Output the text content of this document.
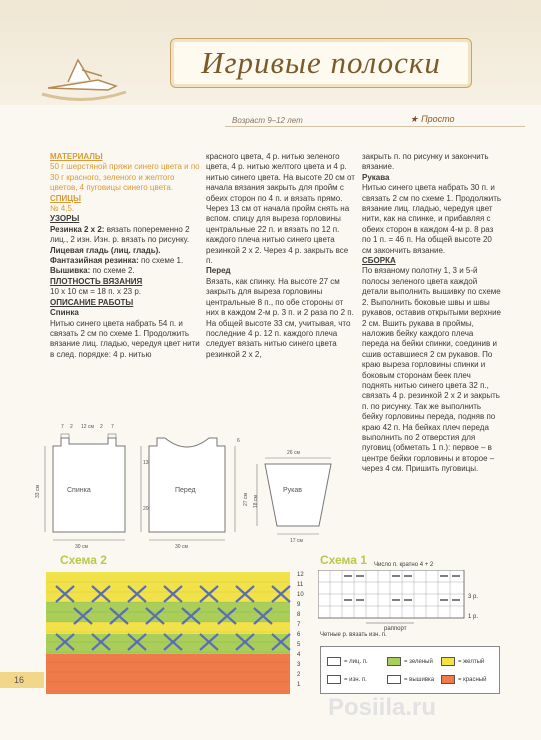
Игривые полоски
Возраст 9–12 лет	★ Просто

МАТЕРИАЛЫ

50 г шерстяной пряжи синего цвета и по 30 г красного, зеленого и желтого цветов, 4 пуговицы синего цвета.

СПИЦЫ

№ 4,5.

УЗОРЫ

Резинка 2 х 2: вязать попеременно 2 лиц., 2 изн. Изн. р. вязать по рисунку.

Лицевая гладь (лиц. гладь).

Фантазийная резинка: по схеме 1.

Вышивка: по схеме 2.

ПЛОТНОСТЬ ВЯЗАНИЯ

10 х 10 см = 18 п. х 23 р.

ОПИСАНИЕ РАБОТЫ

Спинка

Нитью синего цвета набрать 54 п. и связать 2 см по схеме 1. Продолжить вязание лиц. гладью, чередуя цвет нити в след. порядке: 4 р. нитью

красного цвета, 4 р. нитью зеленого цвета, 4 р. нитью желтого цвета и 4 р. нитью синего цвета. На высоте 20 см от начала вязания закрыть для пройм с обеих сторон по 4 п. и вязать прямо. Через 13 см от начала пройм снять на вспом. спицу для выреза горловины центральные 22 п. и вязать по 12 п. каждого плеча нитью синего цвета резинкой 2 х 2. Через 4 р. закрыть все п.

Перед

Вязать, как спинку. На высоте 27 см закрыть для выреза горловины центральные 8 п., по обе стороны от них в каждом 2-м р. 3 п. и 2 раза по 2 п. На общей высоте 33 см, учитывая, что последние 4 р. 12 п. каждого плеча следует вязать нитью синего цвета резинкой 2 х 2,

закрыть п. по рисунку и закончить вязание.

Рукава

Нитью синего цвета набрать 30 п. и связать 2 см по схеме 1. Продолжить вязание лиц. гладью, чередуя цвет нити, как на спинке, и прибавляя с обеих сторон в каждом 4-м р. 8 раз по 1 п. = 46 п. На общей высоте 20 см закончить вязание.

СБОРКА

По вязаному полотну 1, 3 и 5-й полосы зеленого цвета каждой детали выполнить вышивку по схеме 2. Выполнить боковые швы и швы рукавов, оставив открытыми верхние 2 см. Вшить рукава в проймы, наложив бейку каждого плеча переда на бейки спинки, соединив и сшив оставшиеся 2 см рукавов. По краю выреза горловины спинки и боковым сторонам беек плеч поднять нитью синего цвета 32 п., связать 4 р. резинкой 2 х 2 и закрыть п. по рисунку. Так же выполнить бейку горловины переда, подняв по краю 42 п. На бейках плеч переда выполнить по 2 отверстия для пуговиц (обметать 1 п.): первое – в центре бейки горловины и второе – через 4 см. Пришить пуговицы.

Спинка	Перед	Рукав
7 2 12 см 2 7
33 см
30 см	30 см
13
20
6
27 см 18 см
26 см
17 см
Схема 2
12
11
10
9
8
7
6
5
4
3
2
1
Схема 1 Число п. кратно 4 + 2
3 р.
1 р.
раппорт
Четные р. вязать изн. п.
= лиц. п.
= изн. п.
= зеленый
= вышивка
= желтый
= красный
16
Posiila.ru
